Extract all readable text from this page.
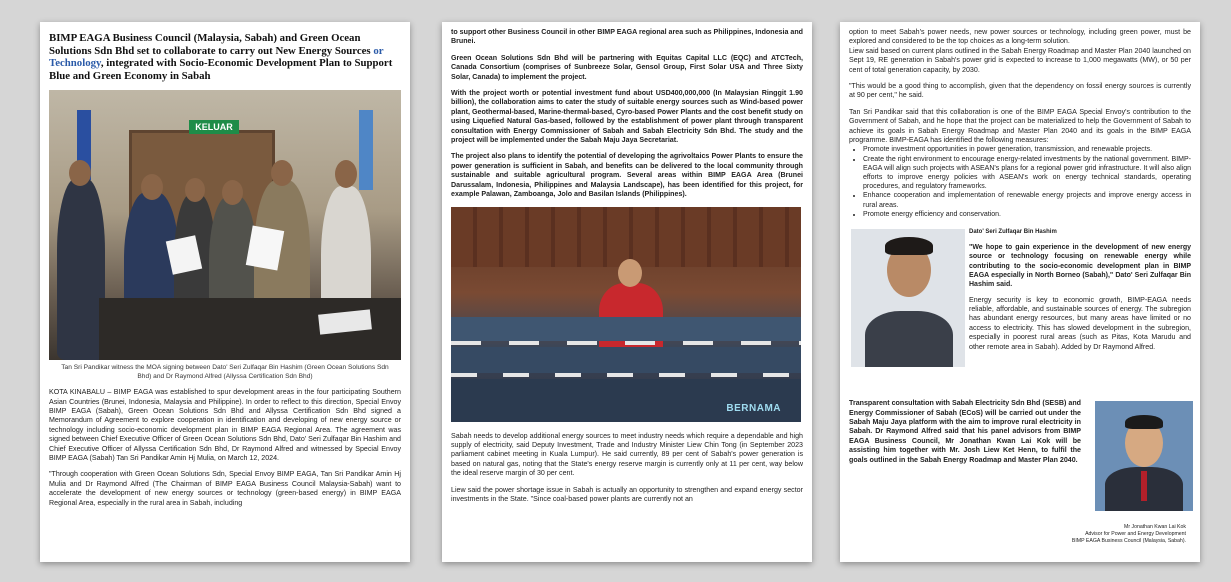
BIMP EAGA Business Council (Malaysia, Sabah) and Green Ocean Solutions Sdn Bhd set to collaborate to carry out New Energy Sources or Technology, integrated with Socio-Economic Development Plan to Support Blue and Green Economy in Sabah
KELUAR
Tan Sri Pandikar witness the MOA signing between Dato' Seri Zulfaqar Bin Hashim (Green Ocean Solutions Sdn Bhd) and Dr Raymond Alfred (Allyssa Certification Sdn Bhd)

KOTA KINABALU – BIMP EAGA was established to spur development areas in the four participating Southern Asian Countries (Brunei, Indonesia, Malaysia and Philippine). In order to reflect to this direction, Special Envoy BIMP EAGA (Sabah), Green Ocean Solutions Sdn Bhd and Allyssa Certification Sdn Bhd signed a Memorandum of Agreement to explore cooperation in identification and developing of new energy source or technology including socio-economic development plan in BIMP EAGA Regional Area. The agreement was signed between Chief Executive Officer of Green Ocean Solutions Sdn Bhd, Dato' Seri Zulfaqar Bin Hashim and Chief Executive Officer of Allyssa Certification Sdn Bhd, Dr Raymond Alfred and witnessed by Special Envoy BIMP EAGA (Sabah) Tan Sri Pandikar Amin Hj Mulia, on March 12, 2024.

"Through cooperation with Green Ocean Solutions Sdn, Special Envoy BIMP EAGA, Tan Sri Pandikar Amin Hj Mulia and Dr Raymond Alfred (The Chairman of BIMP EAGA Business Council Malaysia-Sabah) want to accelerate the development of new energy sources or technology (green-based energy) in BIMP EAGA Regional Area, especially in the rural area in Sabah, including

to support other Business Council in other BIMP EAGA regional area such as Philippines, Indonesia and Brunei.

Green Ocean Solutions Sdn Bhd will be partnering with Equitas Capital LLC (EQC) and ATCTech, Canada Consortium (comprises of Sunbreeze Solar, Gensol Group, First Solar USA and Three Sixty Solar, Canada) to implement the project.

With the project worth or potential investment fund about USD400,000,000 (In Malaysian Ringgit 1.90 billion), the collaboration aims to cater the study of suitable energy sources such as Wind-based power plant, Geothermal-based, Marine-thermal-based, Cyro-based Power Plants and the cost benefit study on using Liquefied Natural Gas-based, followed by the establishment of power plant through transparent consultation with Energy Commissioner of Sabah and Sabah Electricity Sdn Bhd. The study and the project will be implemented under the Sabah Maju Jaya Secretariat.

The project also plans to identify the potential of developing the agrivoltaics Power Plants to ensure the power generation is sufficient in Sabah, and benefits can be delivered to the local community through sustainable and suitable agricultural program. Several areas within BIMP EAGA Area (Brunei Darussalam, Indonesia, Philippines and Malaysia Landscape), has been identified for this project, for example Palawan, Zamboanga, Jolo and Basilan Islands (Philippines).

BERNAMA

Sabah needs to develop additional energy sources to meet industry needs which require a dependable and high supply of electricity, said Deputy Investment, Trade and Industry Minister Liew Chin Tong (in September 2023 parliament cabinet meeting in Kuala Lumpur). He said currently, 89 per cent of Sabah's power generation is based on natural gas, noting that the State's energy reserve margin is currently only at 11 per cent, way below the ideal reserve margin of 30 per cent.

Liew said the power shortage issue in Sabah is actually an opportunity to strengthen and expand energy sector investments in the State. "Since coal-based power plants are currently not an

option to meet Sabah's power needs, new power sources or technology, including green power, must be explored and considered to be the top choices as a long-term solution.

Liew said based on current plans outlined in the Sabah Energy Roadmap and Master Plan 2040 launched on Sept 19, RE generation in Sabah's power grid is expected to increase to 1,000 megawatts (MW), or 50 per cent of total generation capacity, by 2030.

"This would be a good thing to accomplish, given that the dependency on fossil energy sources is currently at 90 per cent," he said.

Tan Sri Pandikar said that this collaboration is one of the BIMP EAGA Special Envoy's contribution to the Government of Sabah, and he hope that the project can be materialized to help the Government of Sabah to achieve its goals in Sabah Energy Roadmap and Master Plan 2040 and its goals in the BIMP EAGA programme. BIMP-EAGA has identified the following measures:

• Promote investment opportunities in power generation, transmission, and renewable projects.
• Create the right environment to encourage energy-related investments by the national government. BIMP-EAGA will align such projects with ASEAN's plans for a regional power grid infrastructure. It will also align efforts to improve energy policies with ASEAN's work on energy technical standards, operating procedures, and regulatory frameworks.
• Enhance cooperation and implementation of renewable energy projects and improve energy access in rural areas.
• Promote energy efficiency and conservation.
Dato' Seri Zulfaqar Bin Hashim

"We hope to gain experience in the development of new energy source or technology focusing on renewable energy while contributing to the socio-economic development plan in BIMP EAGA especially in North Borneo (Sabah)," Dato' Seri Zulfaqar Bin Hashim said.

Energy security is key to economic growth, BIMP-EAGA needs reliable, affordable, and sustainable sources of energy. The subregion has abundant energy resources, but many areas have limited or no access to electricity. This has slowed development in the subregion, especially in poorest rural areas (such as Pitas, Kota Marudu and other remote area in Sabah). Added by Dr Raymond Alfred.

Transparent consultation with Sabah Electricity Sdn Bhd (SESB) and Energy Commissioner of Sabah (ECoS) will be carried out under the Sabah Maju Jaya platform with the aim to improve rural electricity in Sabah. Dr Raymond Alfred said that his panel advisors from BIMP EAGA Business Council, Mr Jonathan Kwan Lai Kok will be assisting him together with Mr. Josh Liew Ket Henn, to fulfil the goals outlined in the Sabah Energy Roadmap and Master Plan 2040.

Mr Jonathan Kwan Lai Kok
Advisor for Power and Energy Development
BIMP EAGA Business Council (Malaysia, Sabah).
